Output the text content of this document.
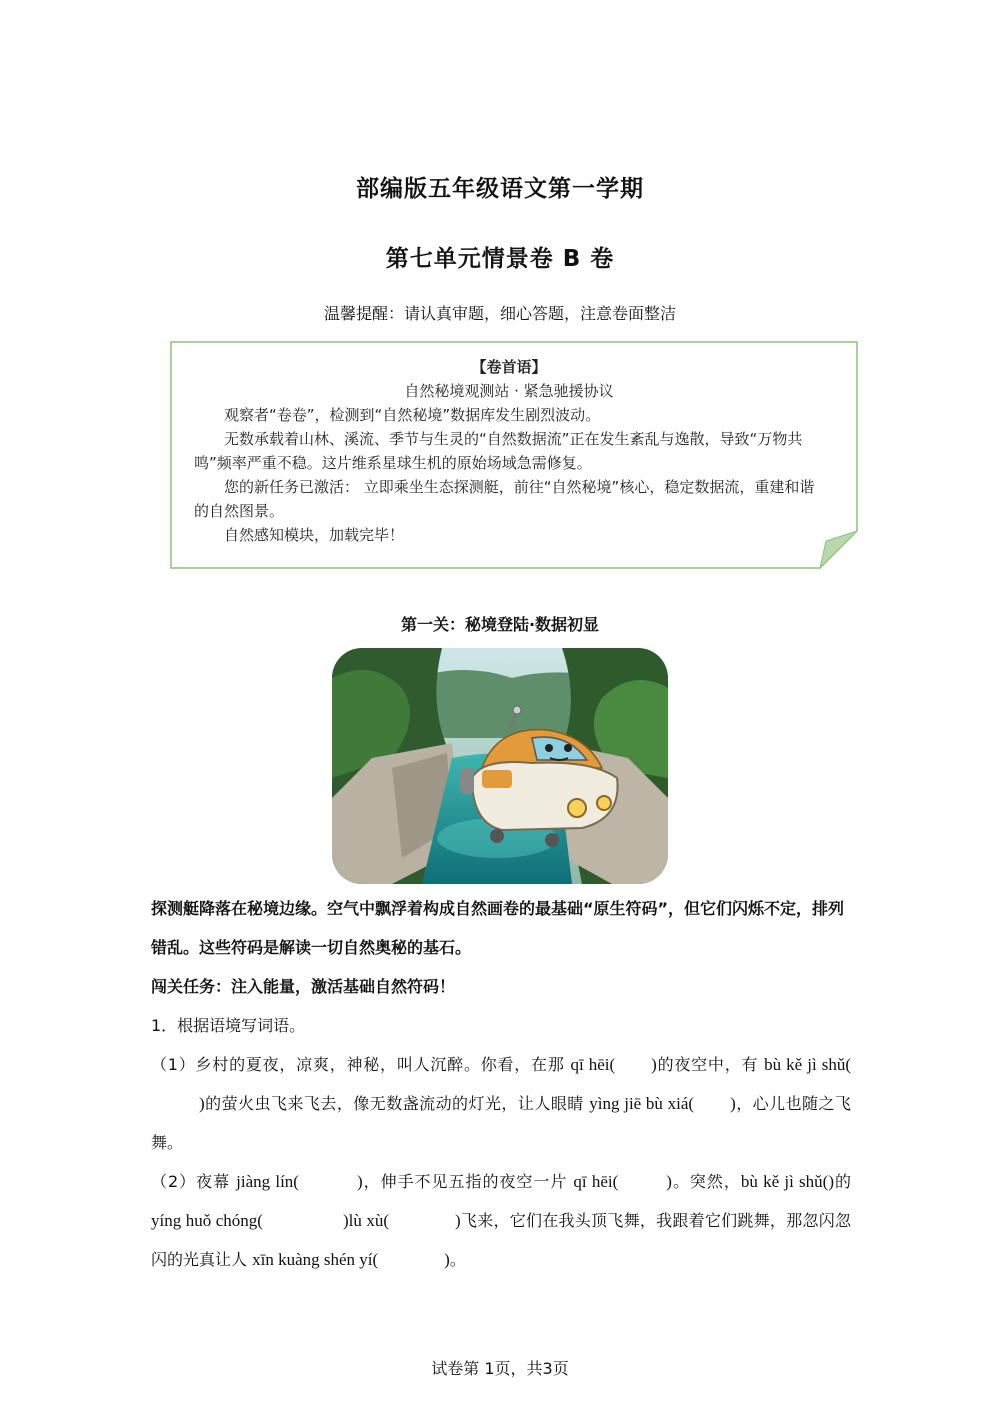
部编版五年级语文第一学期
第七单元情景卷 B 卷
温馨提醒：请认真审题，细心答题，注意卷面整洁
【卷首语】
自然秘境观测站 · 紧急驰援协议
观察者“卷卷”，检测到“自然秘境”数据库发生剧烈波动。
无数承载着山林、溪流、季节与生灵的“自然数据流”正在发生紊乱与逸散，导致“万物共鸣”频率严重不稳。这片维系星球生机的原始场域急需修复。
您的新任务已激活： 立即乘坐生态探测艇，前往“自然秘境”核心，稳定数据流，重建和谐的自然图景。
自然感知模块，加载完毕！
第一关：秘境登陆·数据初显
探测艇降落在秘境边缘。空气中飘浮着构成自然画卷的最基础“原生符码”，但它们闪烁不定，排列错乱。这些符码是解读一切自然奥秘的基石。
闯关任务：注入能量，激活基础自然符码！
1．根据语境写词语。
（1）乡村的夏夜，凉爽，神秘，叫人沉醉。你看，在那 qī hēi( )的夜空中，有 bù kě jì shǔ()的萤火虫飞来飞去，像无数盏流动的灯光，让人眼睛 yìng jiē bù xiá( )，心儿也随之飞舞。
（2）夜幕 jiàng lín(	)，伸手不见五指的夜空一片 qī hēi(	)。突然，bù kě jì shǔ()的 yíng huǒ chóng(	)lù xù(	)飞来，它们在我头顶飞舞，我跟着它们跳舞，那忽闪忽闪的光真让人 xīn kuàng shén yí(	)。
试卷第 1页，共3页
